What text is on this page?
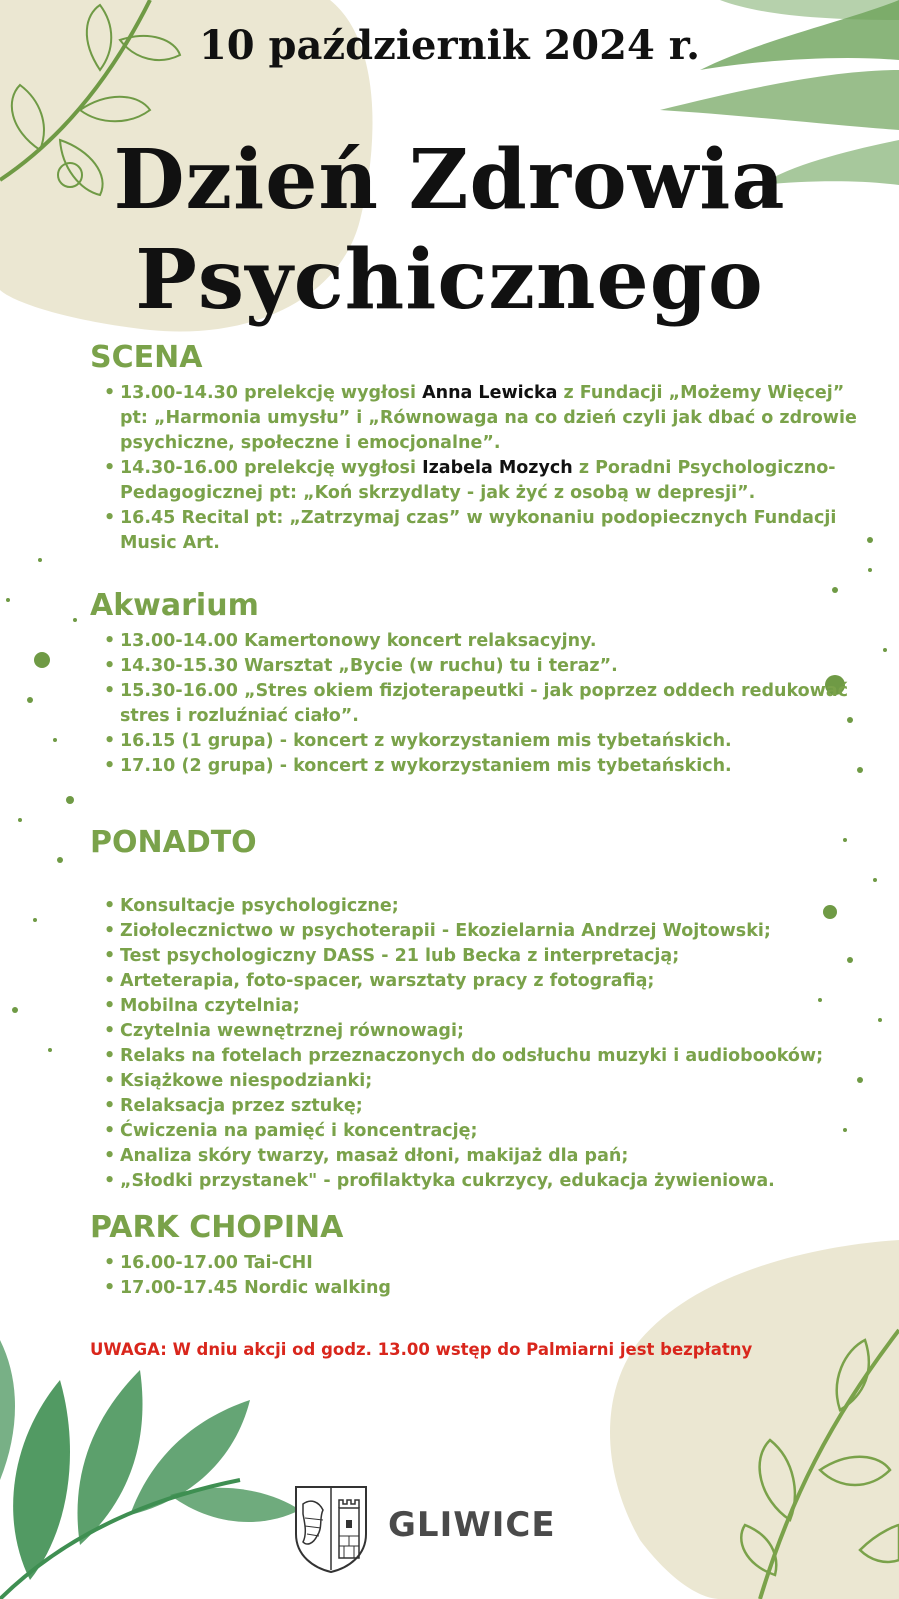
10 październik 2024 r.
Dzień Zdrowia
Psychicznego
SCENA
• 13.00-14.30 prelekcję wygłosi Anna Lewicka z Fundacji „Możemy Więcej” pt: „Harmonia umysłu” i „Równowaga na co dzień czyli jak dbać o zdrowie psychiczne, społeczne i emocjonalne”.
• 14.30-16.00 prelekcję wygłosi Izabela Mozych z Poradni Psychologiczno-Pedagogicznej pt: „Koń skrzydlaty - jak żyć z osobą w depresji”.
• 16.45 Recital pt: „Zatrzymaj czas” w wykonaniu podopiecznych Fundacji Music Art.
Akwarium
• 13.00-14.00 Kamertonowy koncert relaksacyjny.
• 14.30-15.30 Warsztat „Bycie (w ruchu) tu i teraz”.
• 15.30-16.00 „Stres okiem fizjoterapeutki - jak poprzez oddech redukować stres i rozluźniać ciało”.
• 16.15 (1 grupa) - koncert z wykorzystaniem mis tybetańskich.
• 17.10 (2 grupa) - koncert z wykorzystaniem mis tybetańskich.
PONADTO
• Konsultacje psychologiczne;
• Ziołolecznictwo w psychoterapii - Ekozielarnia Andrzej Wojtowski;
• Test psychologiczny DASS - 21 lub Becka z interpretacją;
• Arteterapia, foto-spacer, warsztaty pracy z fotografią;
• Mobilna czytelnia;
• Czytelnia wewnętrznej równowagi;
• Relaks na fotelach przeznaczonych do odsłuchu muzyki i audiobooków;
• Książkowe niespodzianki;
• Relaksacja przez sztukę;
• Ćwiczenia na pamięć i koncentrację;
• Analiza skóry twarzy, masaż dłoni, makijaż dla pań;
• „Słodki przystanek" - profilaktyka cukrzycy, edukacja żywieniowa.
PARK CHOPINA
• 16.00-17.00 Tai-CHI
• 17.00-17.45 Nordic walking
UWAGA: W dniu akcji od godz. 13.00 wstęp do Palmiarni jest bezpłatny
GLIWICE
